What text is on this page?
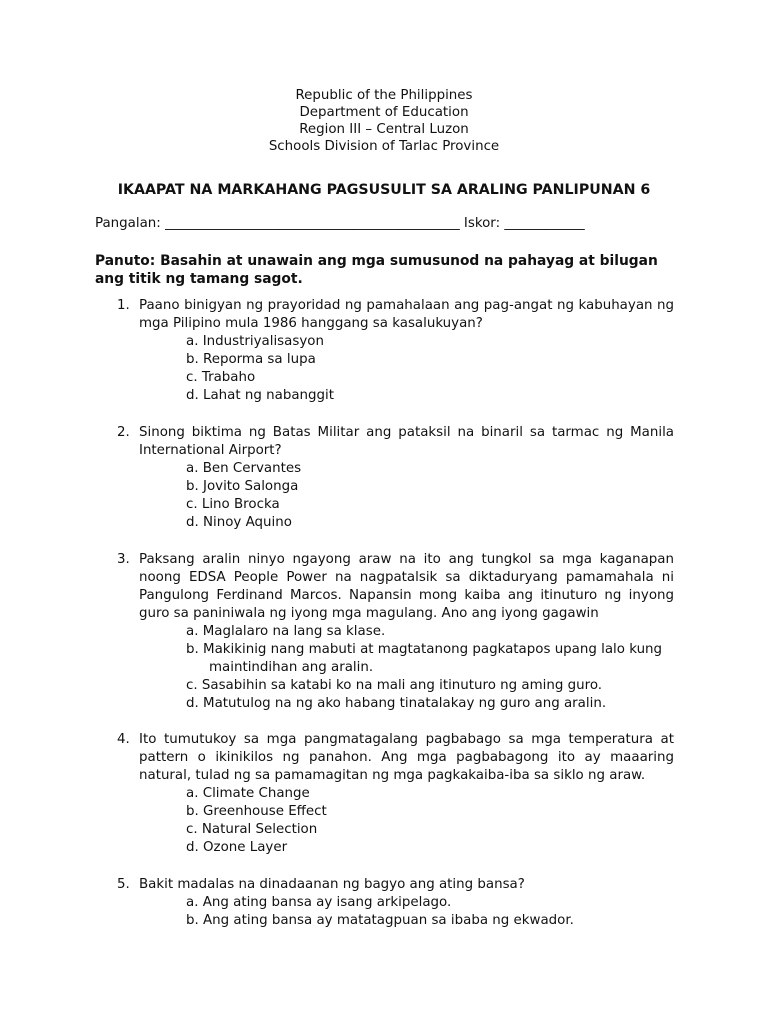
Republic of the Philippines
Department of Education
Region III – Central Luzon
Schools Division of Tarlac Province
IKAAPAT NA MARKAHANG PAGSUSULIT SA ARALING PANLIPUNAN 6
Pangalan: ____________________________________________ Iskor: ____________
Panuto: Basahin at unawain ang mga sumusunod na pahayag at bilugan ang titik ng tamang sagot.
1. Paano binigyan ng prayoridad ng pamahalaan ang pag-angat ng kabuhayan ng mga Pilipino mula 1986 hanggang sa kasalukuyan?
a. Industriyalisasyon
b. Reporma sa lupa
c. Trabaho
d. Lahat ng nabanggit
2. Sinong biktima ng Batas Militar ang pataksil na binaril sa tarmac ng Manila International Airport?
a. Ben Cervantes
b. Jovito Salonga
c. Lino Brocka
d. Ninoy Aquino
3. Paksang aralin ninyo ngayong araw na ito ang tungkol sa mga kaganapan noong EDSA People Power na nagpatalsik sa diktaduryang pamamahala ni Pangulong Ferdinand Marcos. Napansin mong kaiba ang itinuturo ng inyong guro sa paniniwala ng iyong mga magulang. Ano ang iyong gagawin
a. Maglalaro na lang sa klase.
b. Makikinig nang mabuti at magtatanong pagkatapos upang lalo kung
maintindihan ang aralin.
c. Sasabihin sa katabi ko na mali ang itinuturo ng aming guro.
d. Matutulog na ng ako habang tinatalakay ng guro ang aralin.
4. Ito tumutukoy sa mga pangmatagalang pagbabago sa mga temperatura at pattern o ikinikilos ng panahon. Ang mga pagbabagong ito ay maaaring natural, tulad ng sa pamamagitan ng mga pagkakaiba-iba sa siklo ng araw.
a. Climate Change
b. Greenhouse Effect
c. Natural Selection
d. Ozone Layer
5. Bakit madalas na dinadaanan ng bagyo ang ating bansa?
a. Ang ating bansa ay isang arkipelago.
b. Ang ating bansa ay matatagpuan sa ibaba ng ekwador.
